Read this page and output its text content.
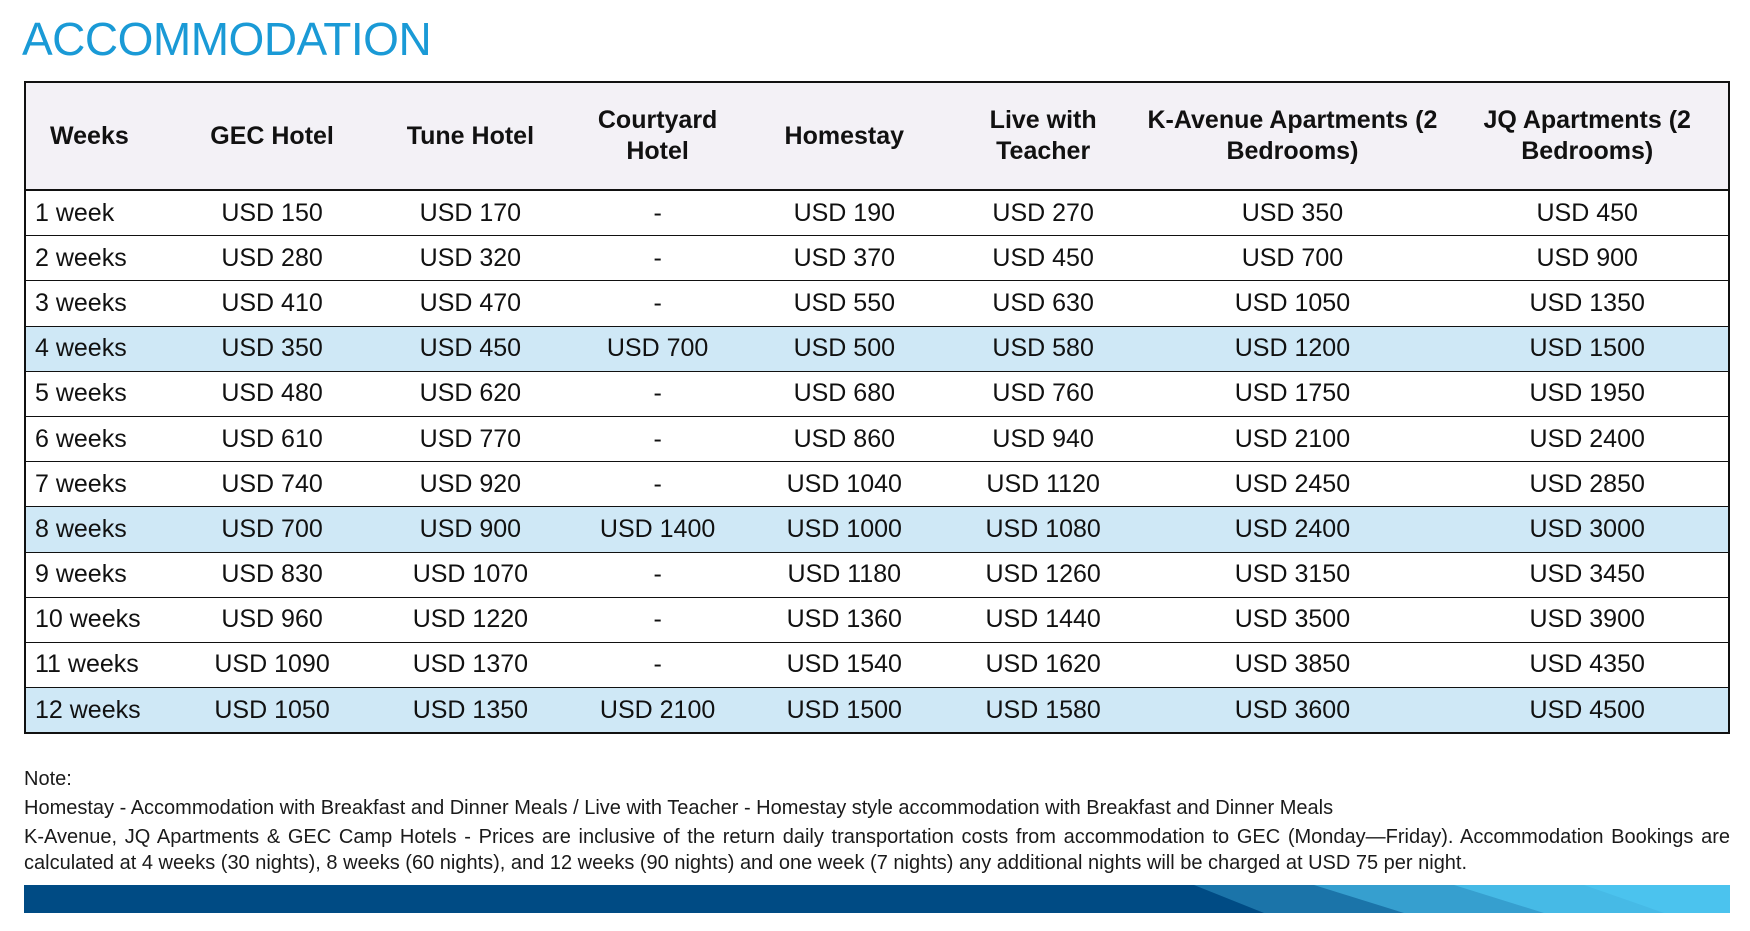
ACCOMMODATION
Weeks	GEC Hotel	Tune Hotel	Courtyard Hotel	Homestay	Live with Teacher	K-Avenue Apartments (2 Bedrooms)	JQ Apartments (2 Bedrooms)
1 week	USD 150	USD 170	-	USD 190	USD 270	USD 350	USD 450
2 weeks	USD 280	USD 320	-	USD 370	USD 450	USD 700	USD 900
3 weeks	USD 410	USD 470	-	USD 550	USD 630	USD 1050	USD 1350
4 weeks	USD 350	USD 450	USD 700	USD 500	USD 580	USD 1200	USD 1500
5 weeks	USD 480	USD 620	-	USD 680	USD 760	USD 1750	USD 1950
6 weeks	USD 610	USD 770	-	USD 860	USD 940	USD 2100	USD 2400
7 weeks	USD 740	USD 920	-	USD 1040	USD 1120	USD 2450	USD 2850
8 weeks	USD 700	USD 900	USD 1400	USD 1000	USD 1080	USD 2400	USD 3000
9 weeks	USD 830	USD 1070	-	USD 1180	USD 1260	USD 3150	USD 3450
10 weeks	USD 960	USD 1220	-	USD 1360	USD 1440	USD 3500	USD 3900
11 weeks	USD 1090	USD 1370	-	USD 1540	USD 1620	USD 3850	USD 4350
12 weeks	USD 1050	USD 1350	USD 2100	USD 1500	USD 1580	USD 3600	USD 4500

Note:

Homestay - Accommodation with Breakfast and Dinner Meals / Live with Teacher - Homestay style accommodation with Breakfast and Dinner Meals

K-Avenue, JQ Apartments & GEC Camp Hotels - Prices are inclusive of the return daily transportation costs from accommodation to GEC (Monday—Friday). Accommodation Bookings are calculated at 4 weeks (30 nights), 8 weeks (60 nights), and 12 weeks (90 nights) and one week (7 nights) any additional nights will be charged at USD 75 per night.
